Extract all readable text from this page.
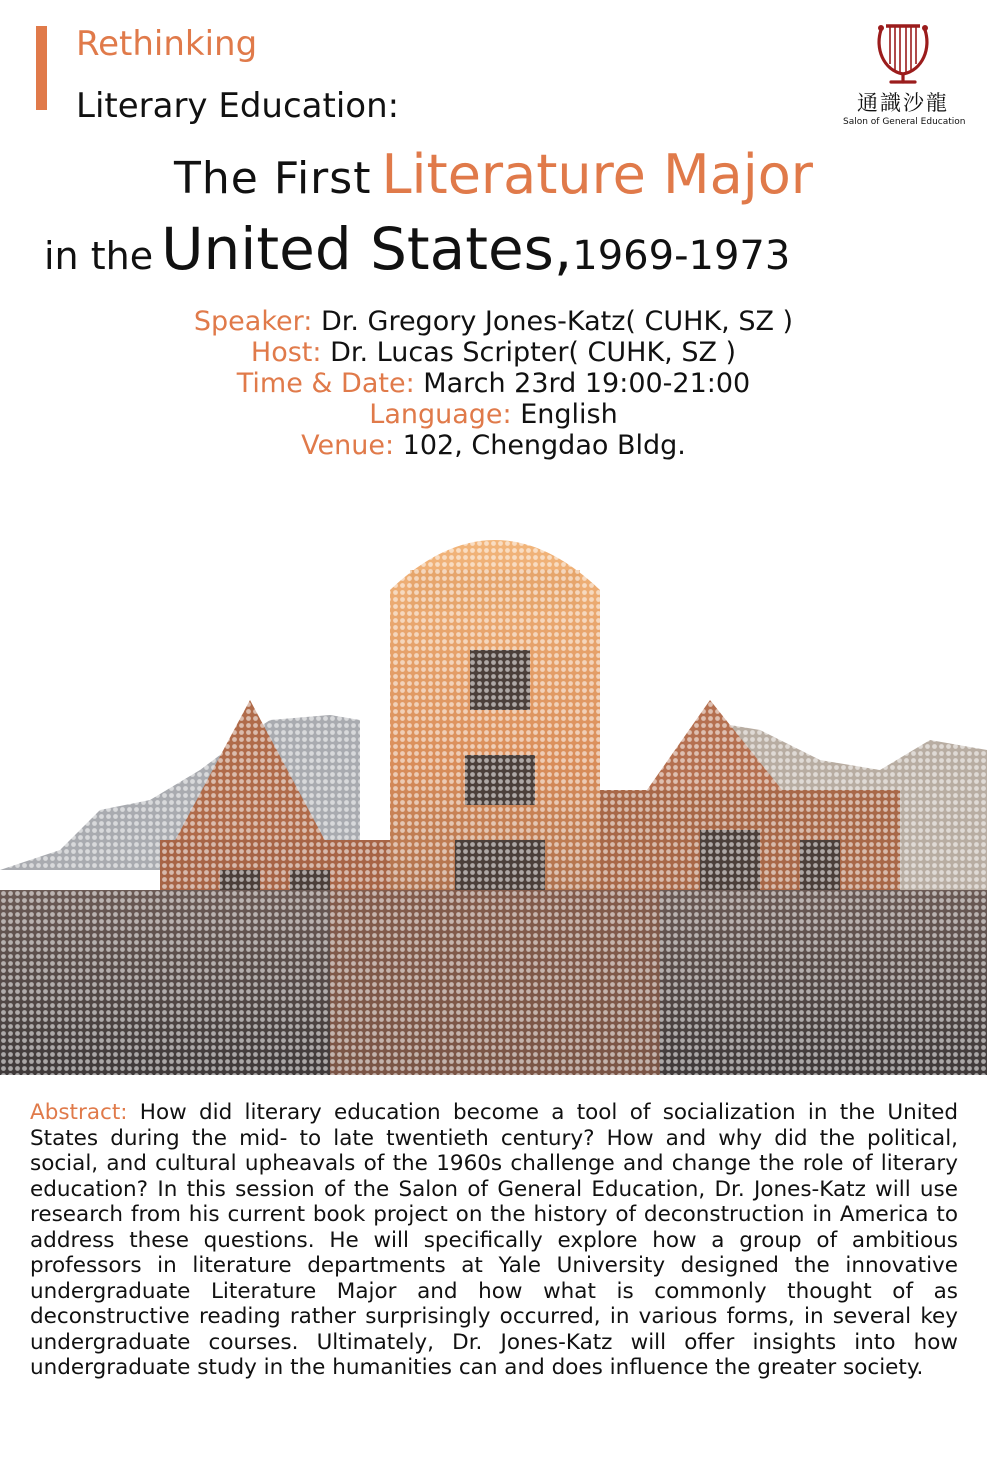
Rethinking
Literary Education:	通識沙龍
Salon of General Education
The First Literature Major
in the United States,1969-1973
Speaker: Dr. Gregory Jones-Katz( CUHK, SZ )
Host: Dr. Lucas Scripter( CUHK, SZ )
Time & Date: March 23rd 19:00-21:00
Language: English
Venue: 102, Chengdao Bldg.
Abstract: How did literary education become a tool of socialization in the United States during the mid- to late twentieth century? How and why did the political, social, and cultural upheavals of the 1960s challenge and change the role of literary education? In this session of the Salon of General Education, Dr. Jones-Katz will use research from his current book project on the history of deconstruction in America to address these questions. He will specifically explore how a group of ambitious professors in literature departments at Yale University designed the innovative undergraduate Literature Major and how what is commonly thought of as deconstructive reading rather surprisingly occurred, in various forms, in several key undergraduate courses. Ultimately, Dr. Jones-Katz will offer insights into how undergraduate study in the humanities can and does influence the greater society.
